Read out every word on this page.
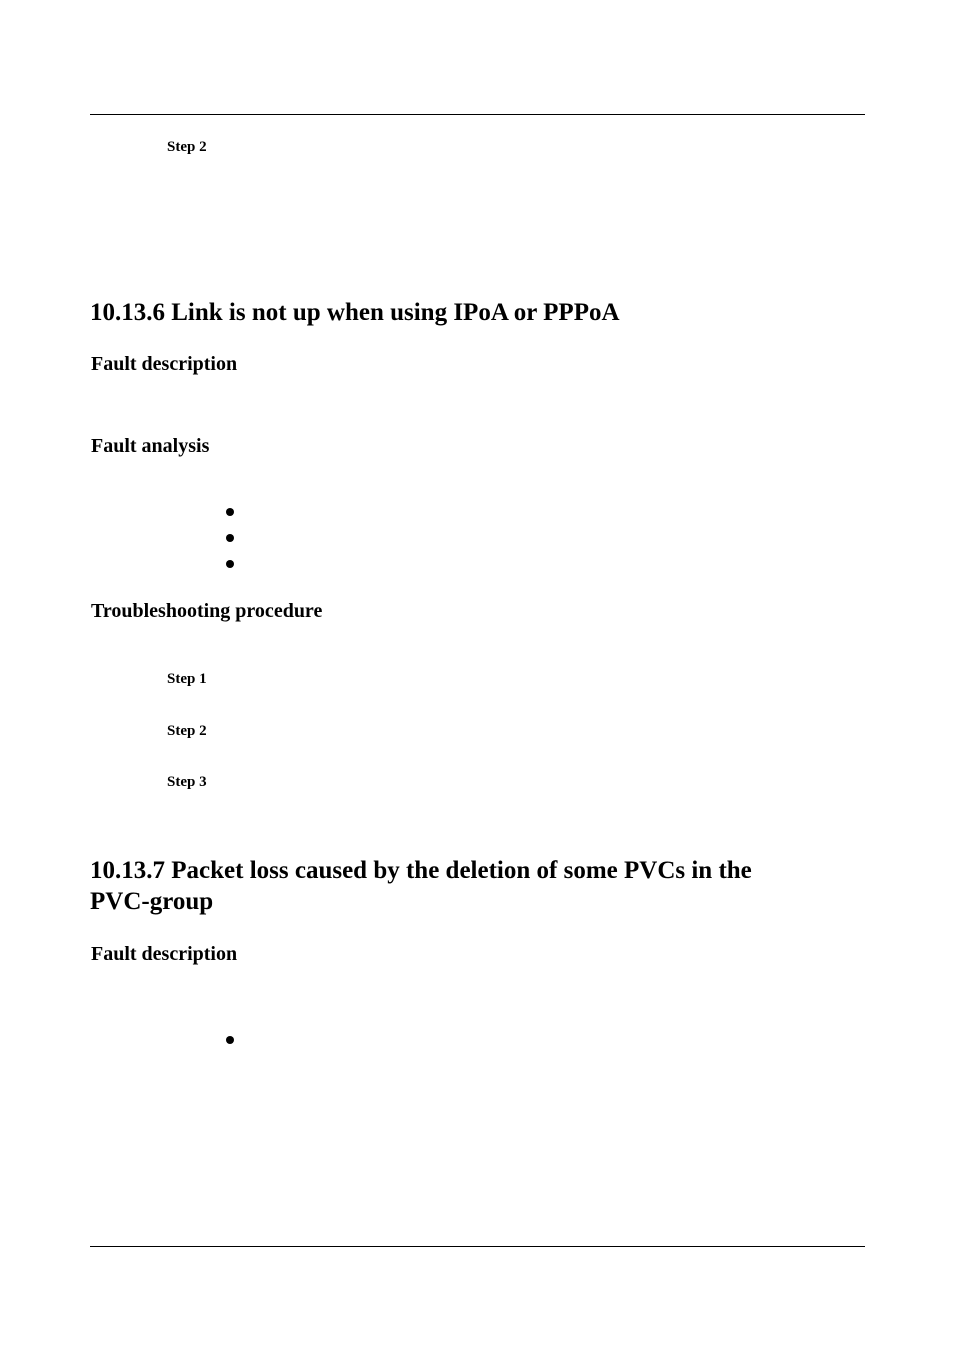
Step 2
10.13.6 Link is not up when using IPoA or PPPoA
Fault description
Fault analysis
Troubleshooting procedure
Step 1
Step 2
Step 3
10.13.7 Packet loss caused by the deletion of some PVCs in the
PVC-group
Fault description
